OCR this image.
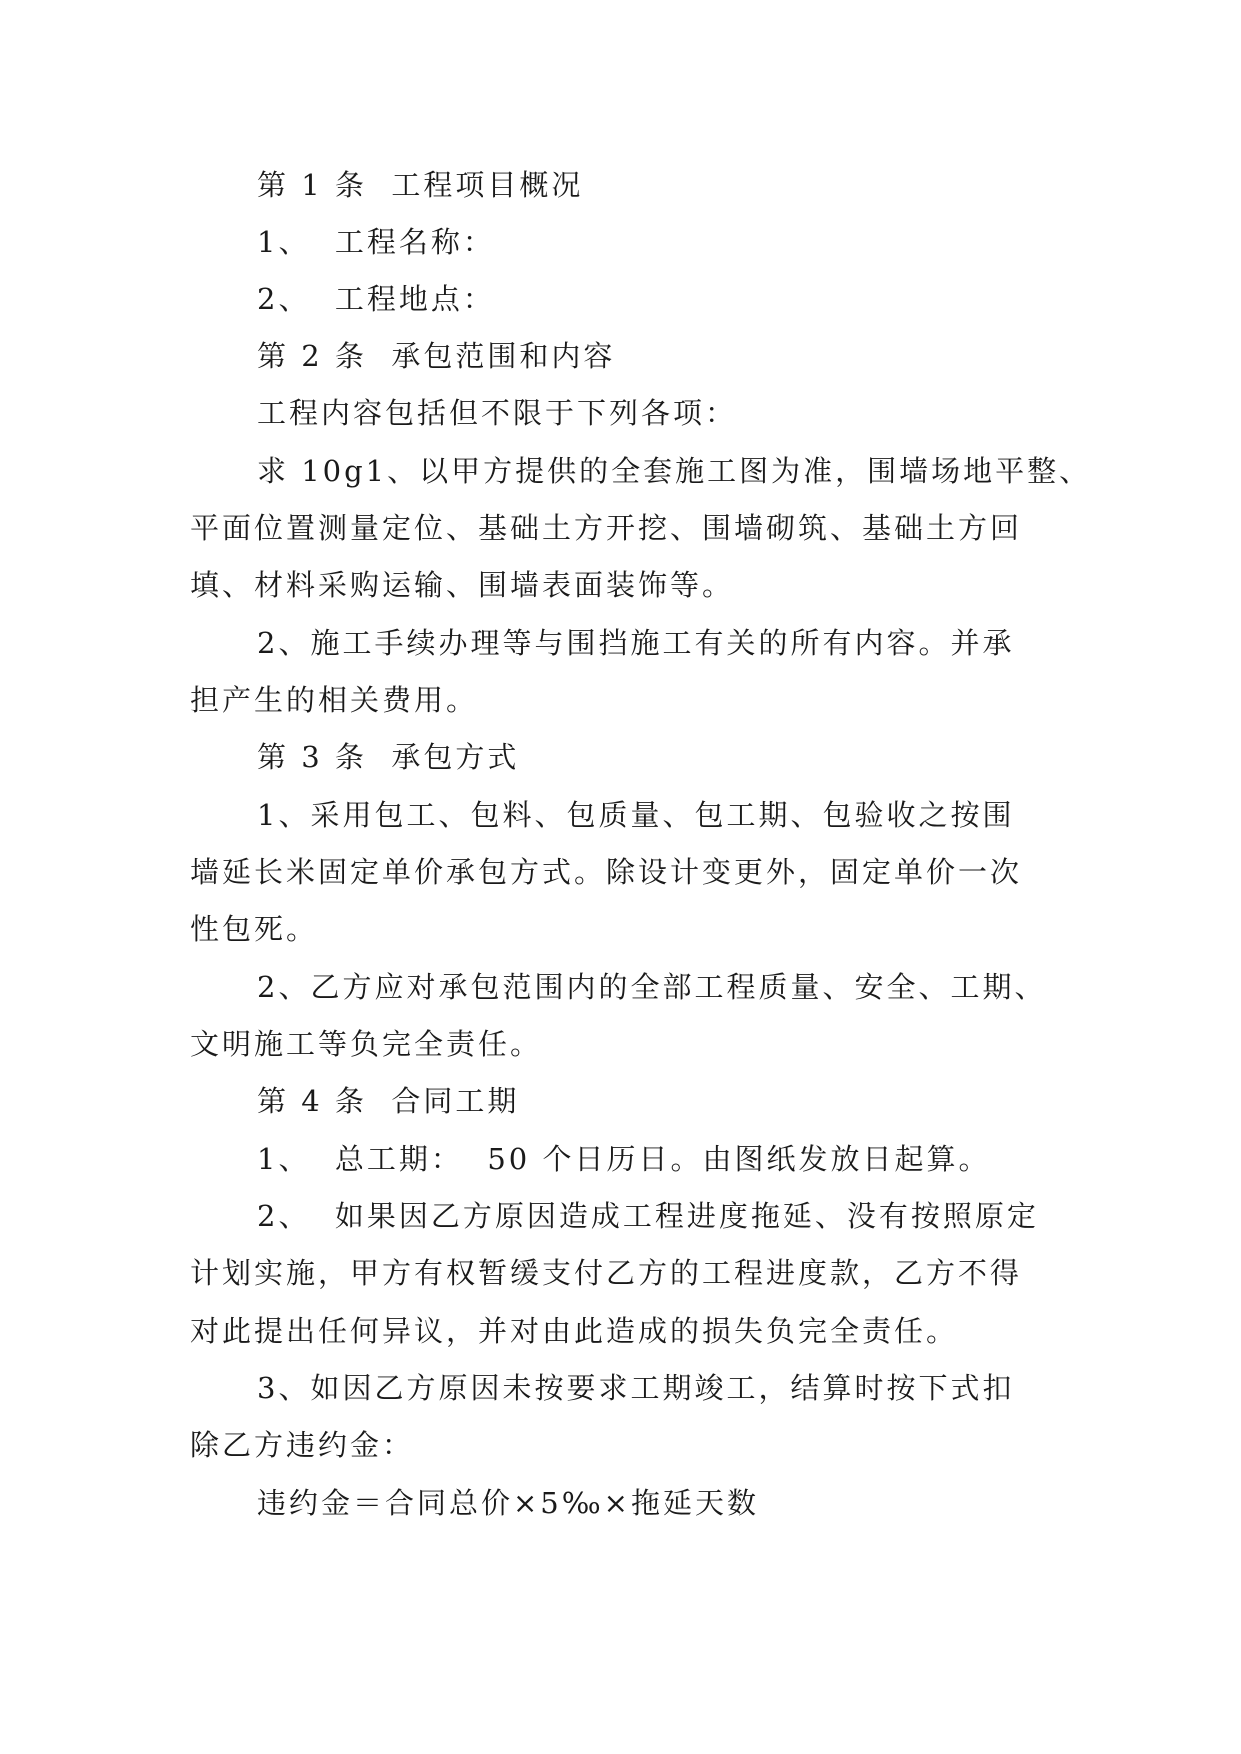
第 1 条  工程项目概况
1、  工程名称：
2、  工程地点：
第 2 条  承包范围和内容
工程内容包括但不限于下列各项：
求 10g1、以甲方提供的全套施工图为准，围墙场地平整、
平面位置测量定位、基础土方开挖、围墙砌筑、基础土方回
填、材料采购运输、围墙表面装饰等。
2、施工手续办理等与围挡施工有关的所有内容。并承
担产生的相关费用。
第 3 条  承包方式
1、采用包工、包料、包质量、包工期、包验收之按围
墙延长米固定单价承包方式。除设计变更外，固定单价一次
性包死。
2、乙方应对承包范围内的全部工程质量、安全、工期、
文明施工等负完全责任。
第 4 条  合同工期
1、  总工期：  50 个日历日。由图纸发放日起算。
2、  如果因乙方原因造成工程进度拖延、没有按照原定
计划实施，甲方有权暂缓支付乙方的工程进度款，乙方不得
对此提出任何异议，并对由此造成的损失负完全责任。
3、如因乙方原因未按要求工期竣工，结算时按下式扣
除乙方违约金：
违约金＝合同总价×5‰×拖延天数
